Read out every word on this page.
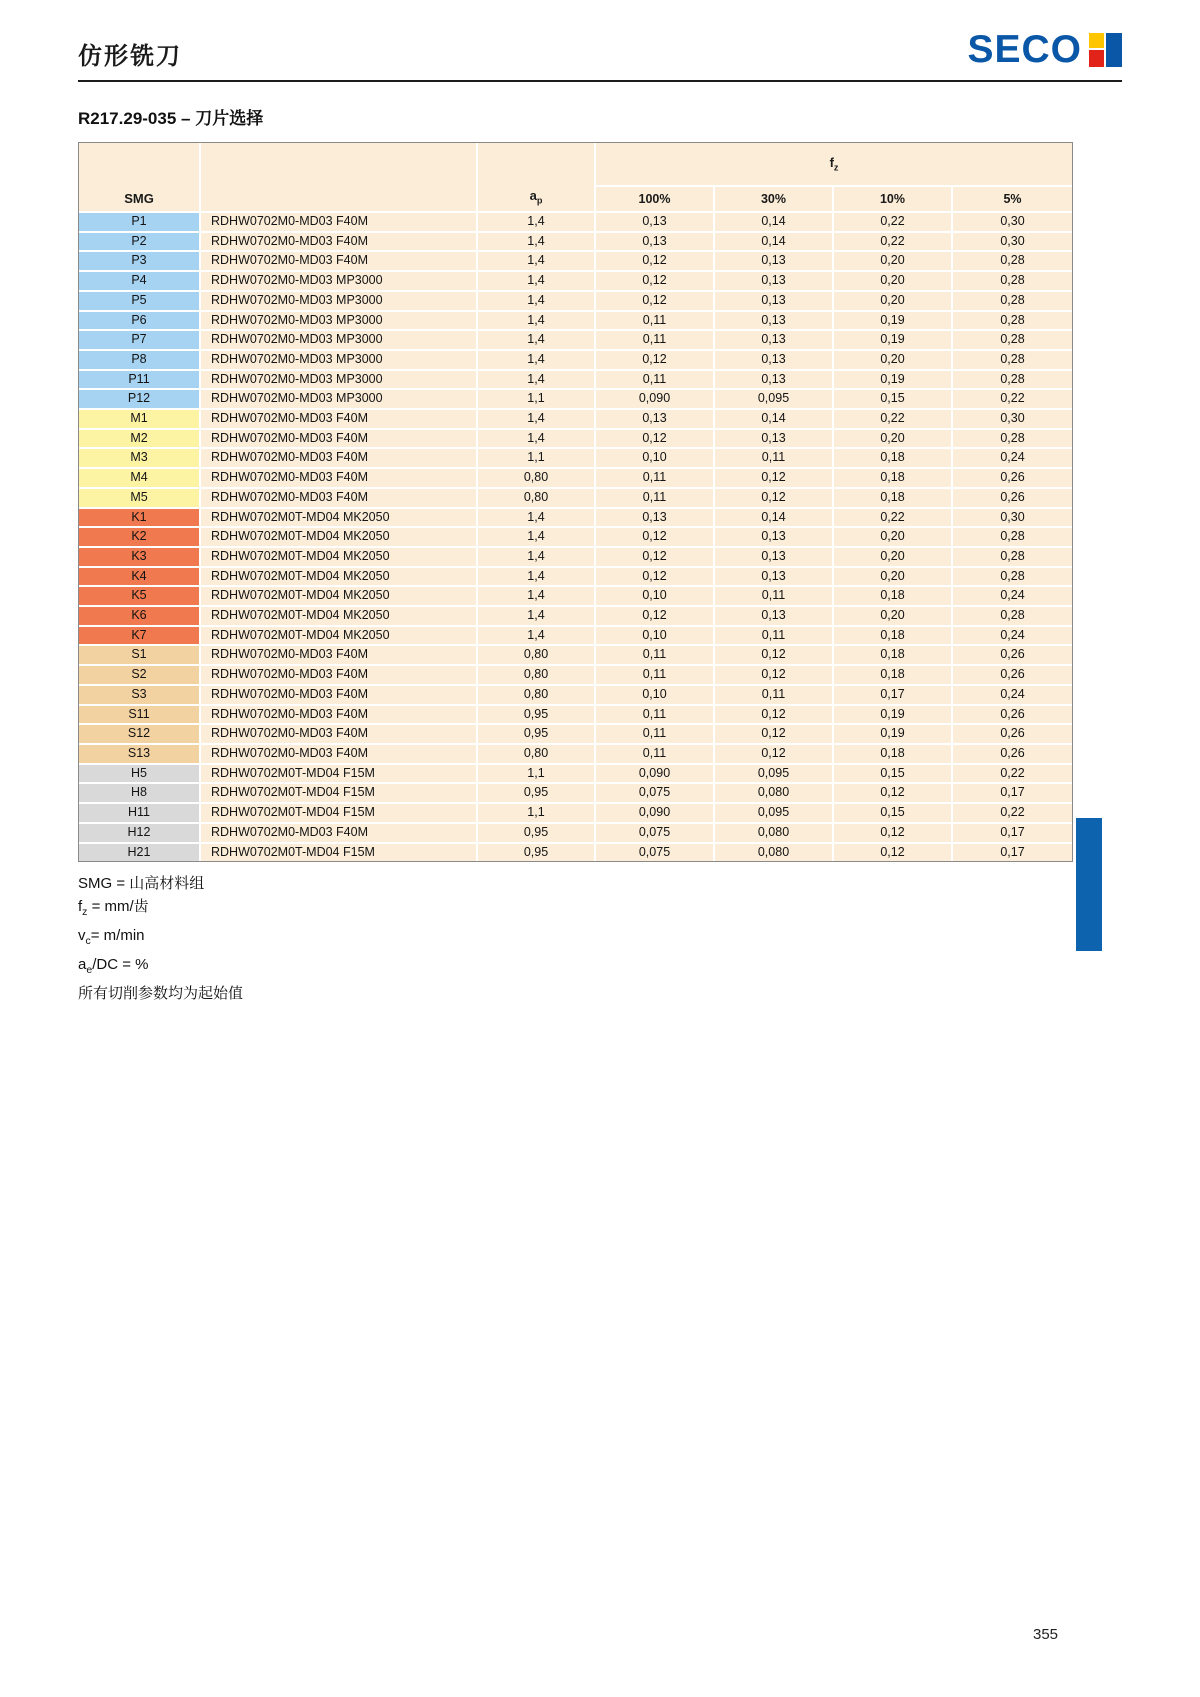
仿形铣刀	SECO
R217.29-035 – 刀片选择
SMG		$a_p$	$f_z$
			100%	30%	10%	5%
P1	RDHW0702M0-MD03 F40M	1,4	0,13	0,14	0,22	0,30
P2	RDHW0702M0-MD03 F40M	1,4	0,13	0,14	0,22	0,30
P3	RDHW0702M0-MD03 F40M	1,4	0,12	0,13	0,20	0,28
P4	RDHW0702M0-MD03 MP3000	1,4	0,12	0,13	0,20	0,28
P5	RDHW0702M0-MD03 MP3000	1,4	0,12	0,13	0,20	0,28
P6	RDHW0702M0-MD03 MP3000	1,4	0,11	0,13	0,19	0,28
P7	RDHW0702M0-MD03 MP3000	1,4	0,11	0,13	0,19	0,28
P8	RDHW0702M0-MD03 MP3000	1,4	0,12	0,13	0,20	0,28
P11	RDHW0702M0-MD03 MP3000	1,4	0,11	0,13	0,19	0,28
P12	RDHW0702M0-MD03 MP3000	1,1	0,090	0,095	0,15	0,22
M1	RDHW0702M0-MD03 F40M	1,4	0,13	0,14	0,22	0,30
M2	RDHW0702M0-MD03 F40M	1,4	0,12	0,13	0,20	0,28
M3	RDHW0702M0-MD03 F40M	1,1	0,10	0,11	0,18	0,24
M4	RDHW0702M0-MD03 F40M	0,80	0,11	0,12	0,18	0,26
M5	RDHW0702M0-MD03 F40M	0,80	0,11	0,12	0,18	0,26
K1	RDHW0702M0T-MD04 MK2050	1,4	0,13	0,14	0,22	0,30
K2	RDHW0702M0T-MD04 MK2050	1,4	0,12	0,13	0,20	0,28
K3	RDHW0702M0T-MD04 MK2050	1,4	0,12	0,13	0,20	0,28
K4	RDHW0702M0T-MD04 MK2050	1,4	0,12	0,13	0,20	0,28
K5	RDHW0702M0T-MD04 MK2050	1,4	0,10	0,11	0,18	0,24
K6	RDHW0702M0T-MD04 MK2050	1,4	0,12	0,13	0,20	0,28
K7	RDHW0702M0T-MD04 MK2050	1,4	0,10	0,11	0,18	0,24
S1	RDHW0702M0-MD03 F40M	0,80	0,11	0,12	0,18	0,26
S2	RDHW0702M0-MD03 F40M	0,80	0,11	0,12	0,18	0,26
S3	RDHW0702M0-MD03 F40M	0,80	0,10	0,11	0,17	0,24
S11	RDHW0702M0-MD03 F40M	0,95	0,11	0,12	0,19	0,26
S12	RDHW0702M0-MD03 F40M	0,95	0,11	0,12	0,19	0,26
S13	RDHW0702M0-MD03 F40M	0,80	0,11	0,12	0,18	0,26
H5	RDHW0702M0T-MD04 F15M	1,1	0,090	0,095	0,15	0,22
H8	RDHW0702M0T-MD04 F15M	0,95	0,075	0,080	0,12	0,17
H11	RDHW0702M0T-MD04 F15M	1,1	0,090	0,095	0,15	0,22
H12	RDHW0702M0-MD03 F40M	0,95	0,075	0,080	0,12	0,17
H21	RDHW0702M0T-MD04 F15M	0,95	0,075	0,080	0,12	0,17
SMG = 山高材料组
$f_z = mm/$齿
$v_c= m/\min$
$a_e/DC$ = %
所有切削参数均为起始值
355
